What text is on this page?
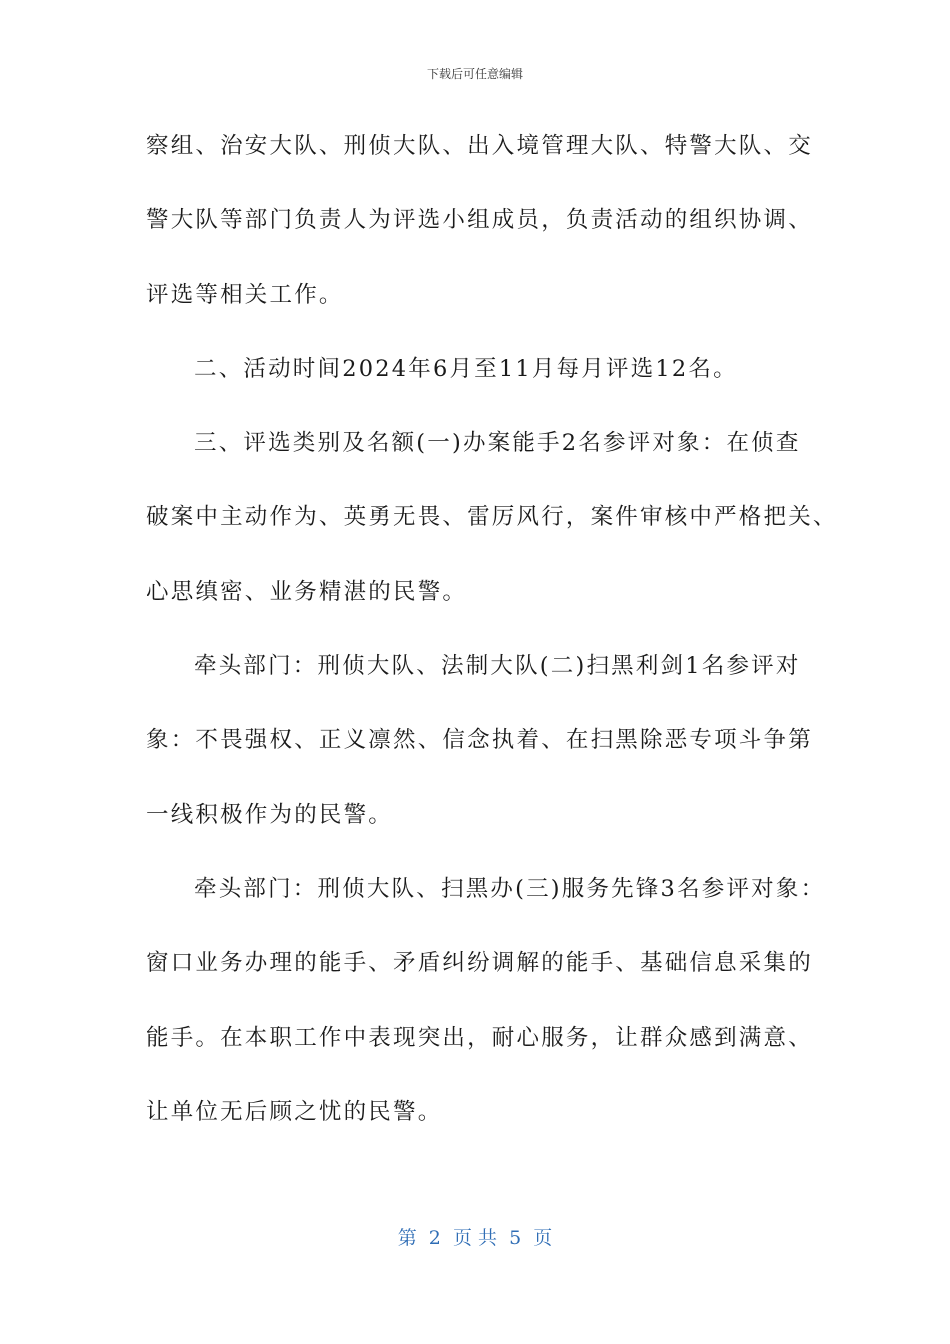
下载后可任意编辑
察组、治安大队、刑侦大队、出入境管理大队、特警大队、交
警大队等部门负责人为评选小组成员，负责活动的组织协调、
评选等相关工作。
二、活动时间2024年6月至11月每月评选12名。
三、评选类别及名额(一)办案能手2名参评对象：在侦查
破案中主动作为、英勇无畏、雷厉风行，案件审核中严格把关、
心思缜密、业务精湛的民警。
牵头部门：刑侦大队、法制大队(二)扫黑利剑1名参评对
象：不畏强权、正义凛然、信念执着、在扫黑除恶专项斗争第
一线积极作为的民警。
牵头部门：刑侦大队、扫黑办(三)服务先锋3名参评对象：
窗口业务办理的能手、矛盾纠纷调解的能手、基础信息采集的
能手。在本职工作中表现突出，耐心服务，让群众感到满意、
让单位无后顾之忧的民警。
第  2  页 共  5  页
